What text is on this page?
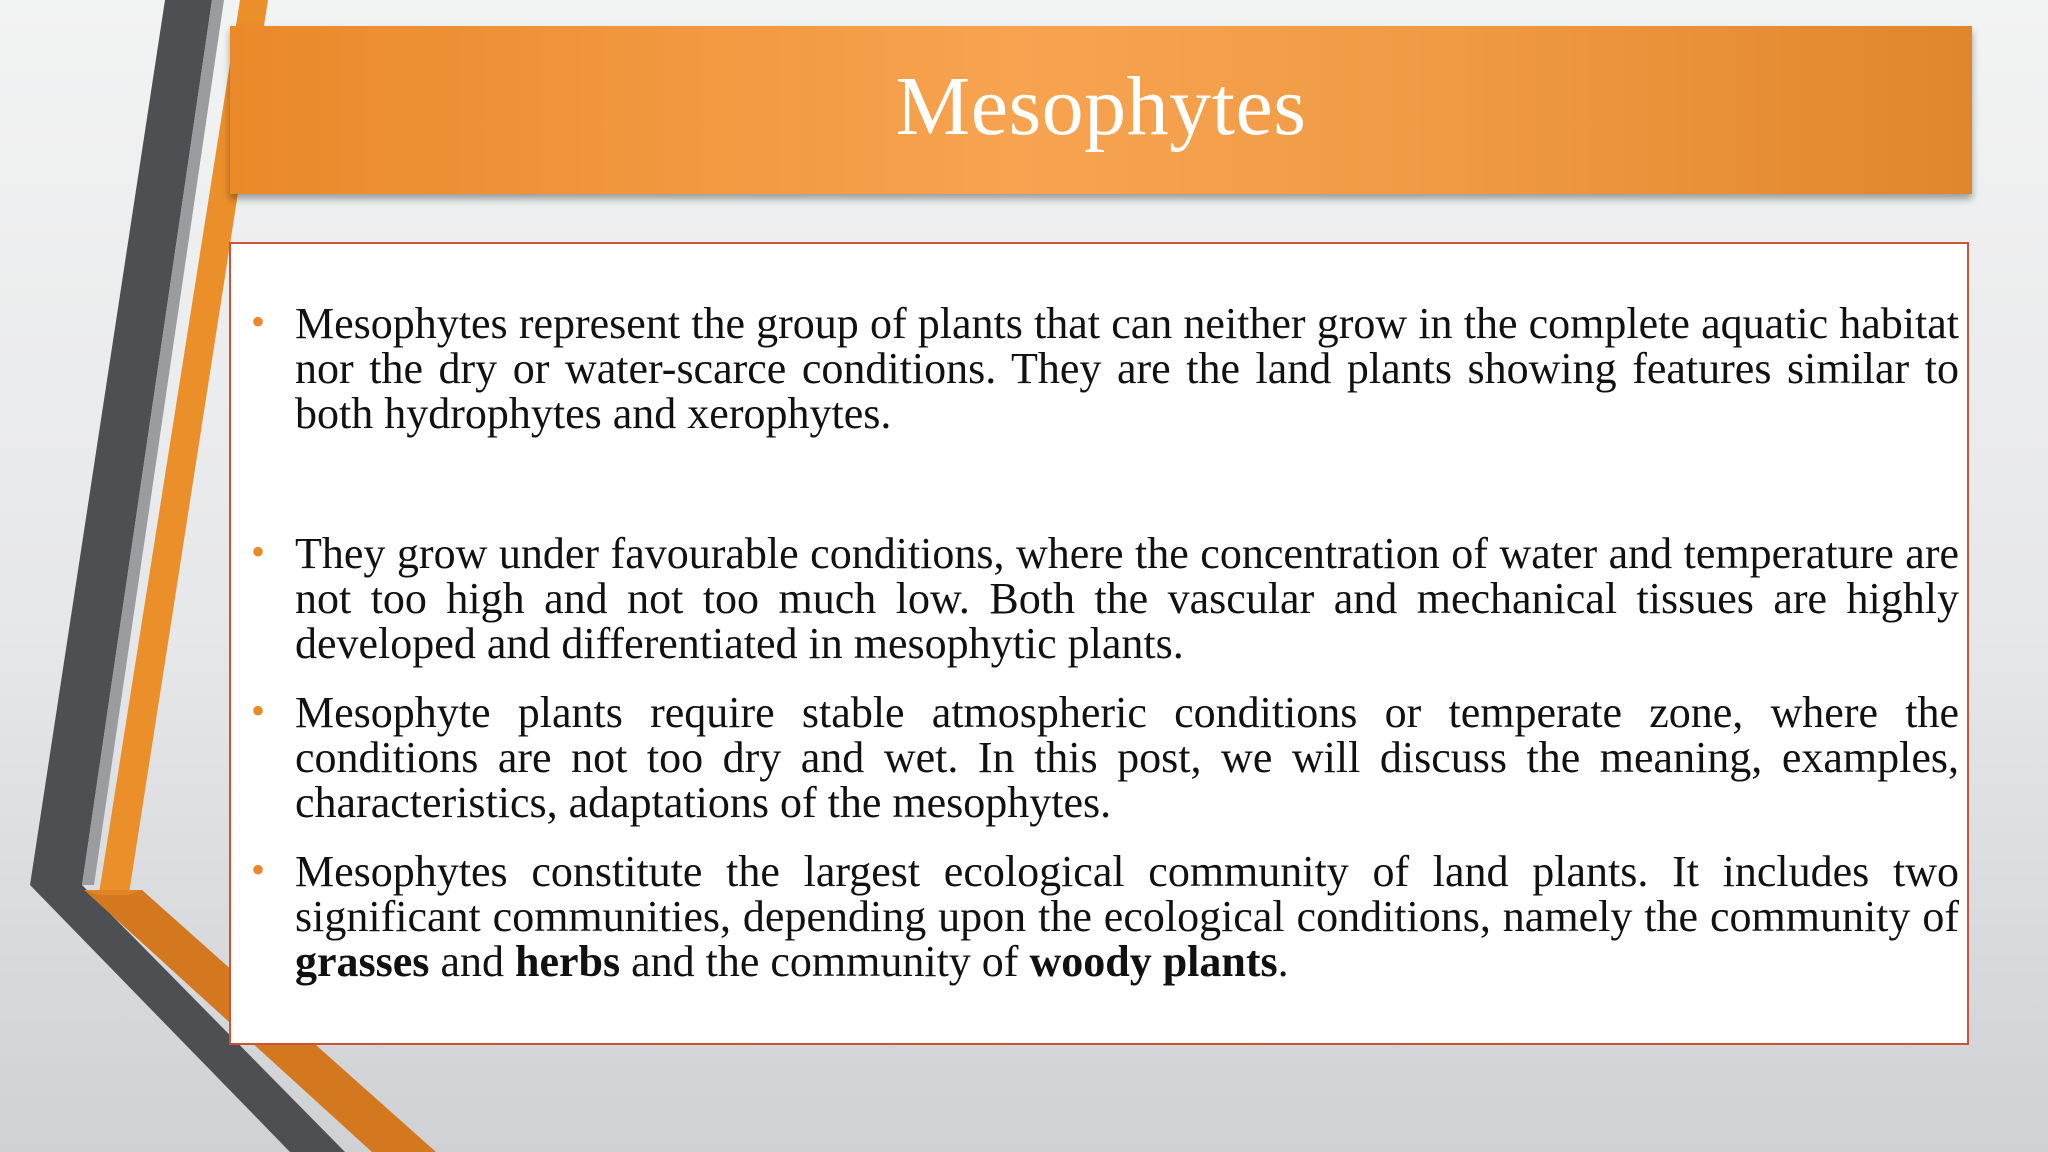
Mesophytes
• Mesophytes represent the group of plants that can neither grow in the complete aquatic habitat nor the dry or water-scarce conditions. They are the land plants showing features similar to both hydrophytes and xerophytes.
• They grow under favourable conditions, where the concentration of water and temperature are not too high and not too much low. Both the vascular and mechanical tissues are highly developed and differentiated in mesophytic plants.
• Mesophyte plants require stable atmospheric conditions or temperate zone, where the conditions are not too dry and wet. In this post, we will discuss the meaning, examples, characteristics, adaptations of the mesophytes.
• Mesophytes constitute the largest ecological community of land plants. It includes two significant communities, depending upon the ecological conditions, namely the community of grasses and herbs and the community of woody plants.
